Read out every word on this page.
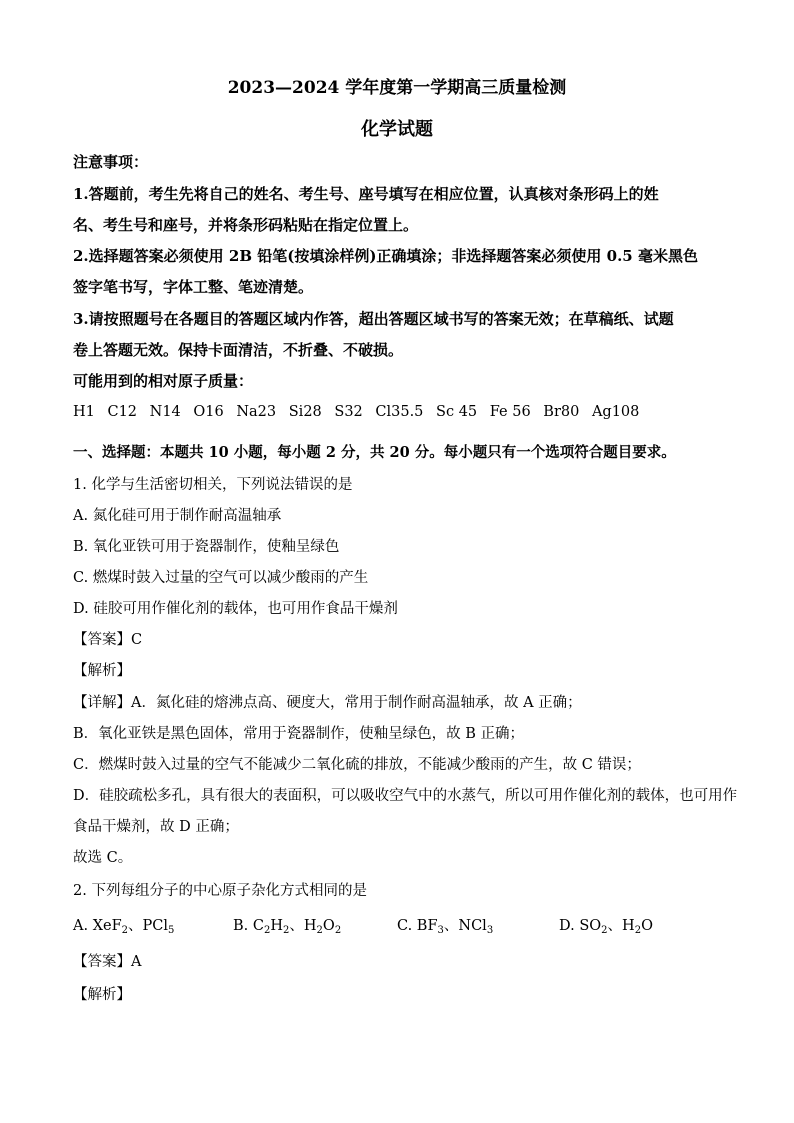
2023—2024 学年度第一学期高三质量检测
化学试题
注意事项：
1.答题前，考生先将自己的姓名、考生号、座号填写在相应位置，认真核对条形码上的姓
名、考生号和座号，并将条形码粘贴在指定位置上。
2.选择题答案必须使用 2B 铅笔(按填涂样例)正确填涂；非选择题答案必须使用 0.5 毫米黑色
签字笔书写，字体工整、笔迹清楚。
3.请按照题号在各题目的答题区域内作答，超出答题区域书写的答案无效；在草稿纸、试题
卷上答题无效。保持卡面清洁，不折叠、不破损。
可能用到的相对原子质量：
H1 C12 N14 O16 Na23 Si28 S32 Cl35.5 Sc 45 Fe 56 Br80 Ag108
一、选择题：本题共 10 小题，每小题 2 分，共 20 分。每小题只有一个选项符合题目要求。
1. 化学与生活密切相关，下列说法错误的是
A. 氮化硅可用于制作耐高温轴承
B. 氧化亚铁可用于瓷器制作，使釉呈绿色
C. 燃煤时鼓入过量的空气可以减少酸雨的产生
D. 硅胶可用作催化剂的载体，也可用作食品干燥剂
【答案】C
【解析】
【详解】A．氮化硅的熔沸点高、硬度大，常用于制作耐高温轴承，故 A 正确；
B．氧化亚铁是黑色固体，常用于瓷器制作，使釉呈绿色，故 B 正确；
C．燃煤时鼓入过量的空气不能减少二氧化硫的排放，不能减少酸雨的产生，故 C 错误；
D．硅胶疏松多孔，具有很大的表面积，可以吸收空气中的水蒸气，所以可用作催化剂的载体，也可用作
食品干燥剂，故 D 正确；
故选 C。
2. 下列每组分子的中心原子杂化方式相同的是
A. XeF$_2$、PCl$_5$	B. $C_2H_2$、$H_2O_2$	C. $BF_3$、NCl$_3$	D. $SO_2$、$H_2O$
【答案】A
【解析】
